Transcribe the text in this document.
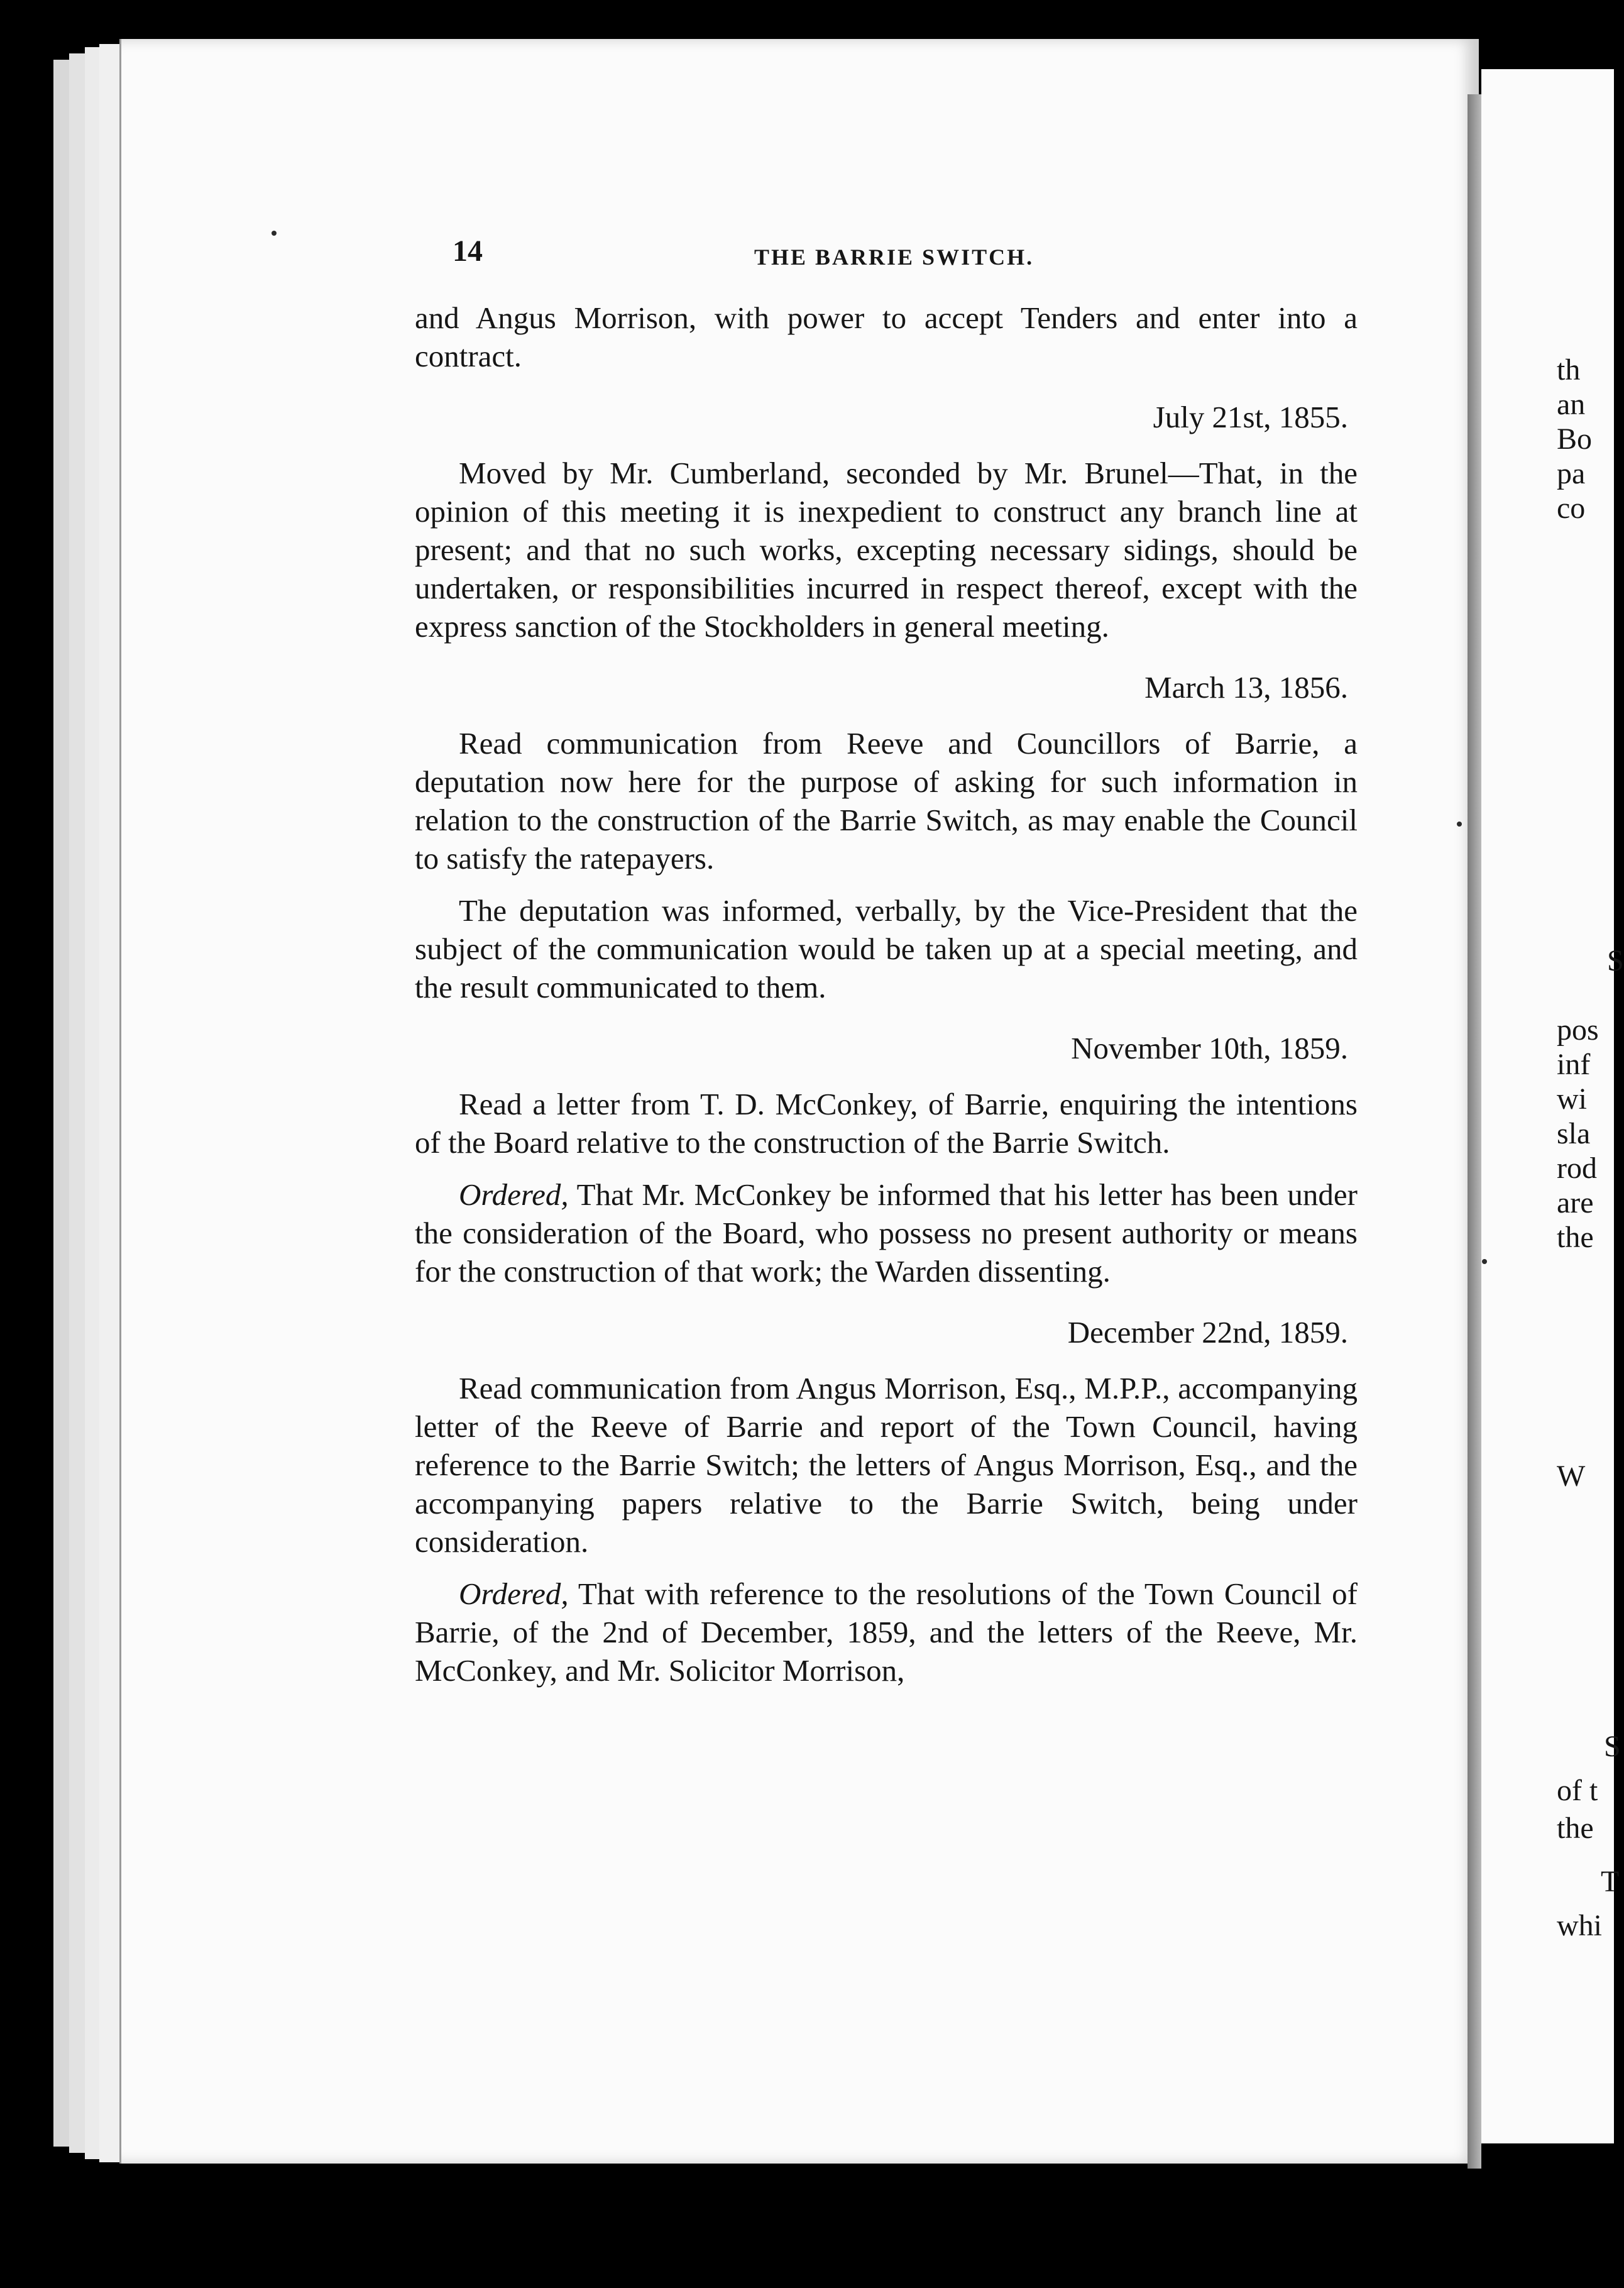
th
an
Bo
pa
co
S
pos
inf
wi
sla
rod
are
the
W
S
of t
the
T
whi
14	THE BARRIE SWITCH.

and Angus Morrison, with power to accept Tenders and enter into a contract.

July 21st, 1855.

Moved by Mr. Cumberland, seconded by Mr. Brunel—That, in the opinion of this meeting it is inexpedient to construct any branch line at present; and that no such works, excepting necessary sidings, should be undertaken, or responsibilities incurred in respect thereof, except with the express sanction of the Stockholders in general meeting.

March 13, 1856.

Read communication from Reeve and Councillors of Barrie, a deputation now here for the purpose of asking for such information in relation to the construction of the Barrie Switch, as may enable the Council to satisfy the ratepayers.

The deputation was informed, verbally, by the Vice-President that the subject of the communication would be taken up at a special meeting, and the result communicated to them.

November 10th, 1859.

Read a letter from T. D. McConkey, of Barrie, enquiring the intentions of the Board relative to the construction of the Barrie Switch.

Ordered, That Mr. McConkey be informed that his letter has been under the consideration of the Board, who possess no present authority or means for the construction of that work; the Warden dissenting.

December 22nd, 1859.

Read communication from Angus Morrison, Esq., M.P.P., accompanying letter of the Reeve of Barrie and report of the Town Council, having reference to the Barrie Switch; the letters of Angus Morrison, Esq., and the accompanying papers relative to the Barrie Switch, being under consideration.

Ordered, That with reference to the resolutions of the Town Council of Barrie, of the 2nd of December, 1859, and the letters of the Reeve, Mr. McConkey, and Mr. Solicitor Morrison,
